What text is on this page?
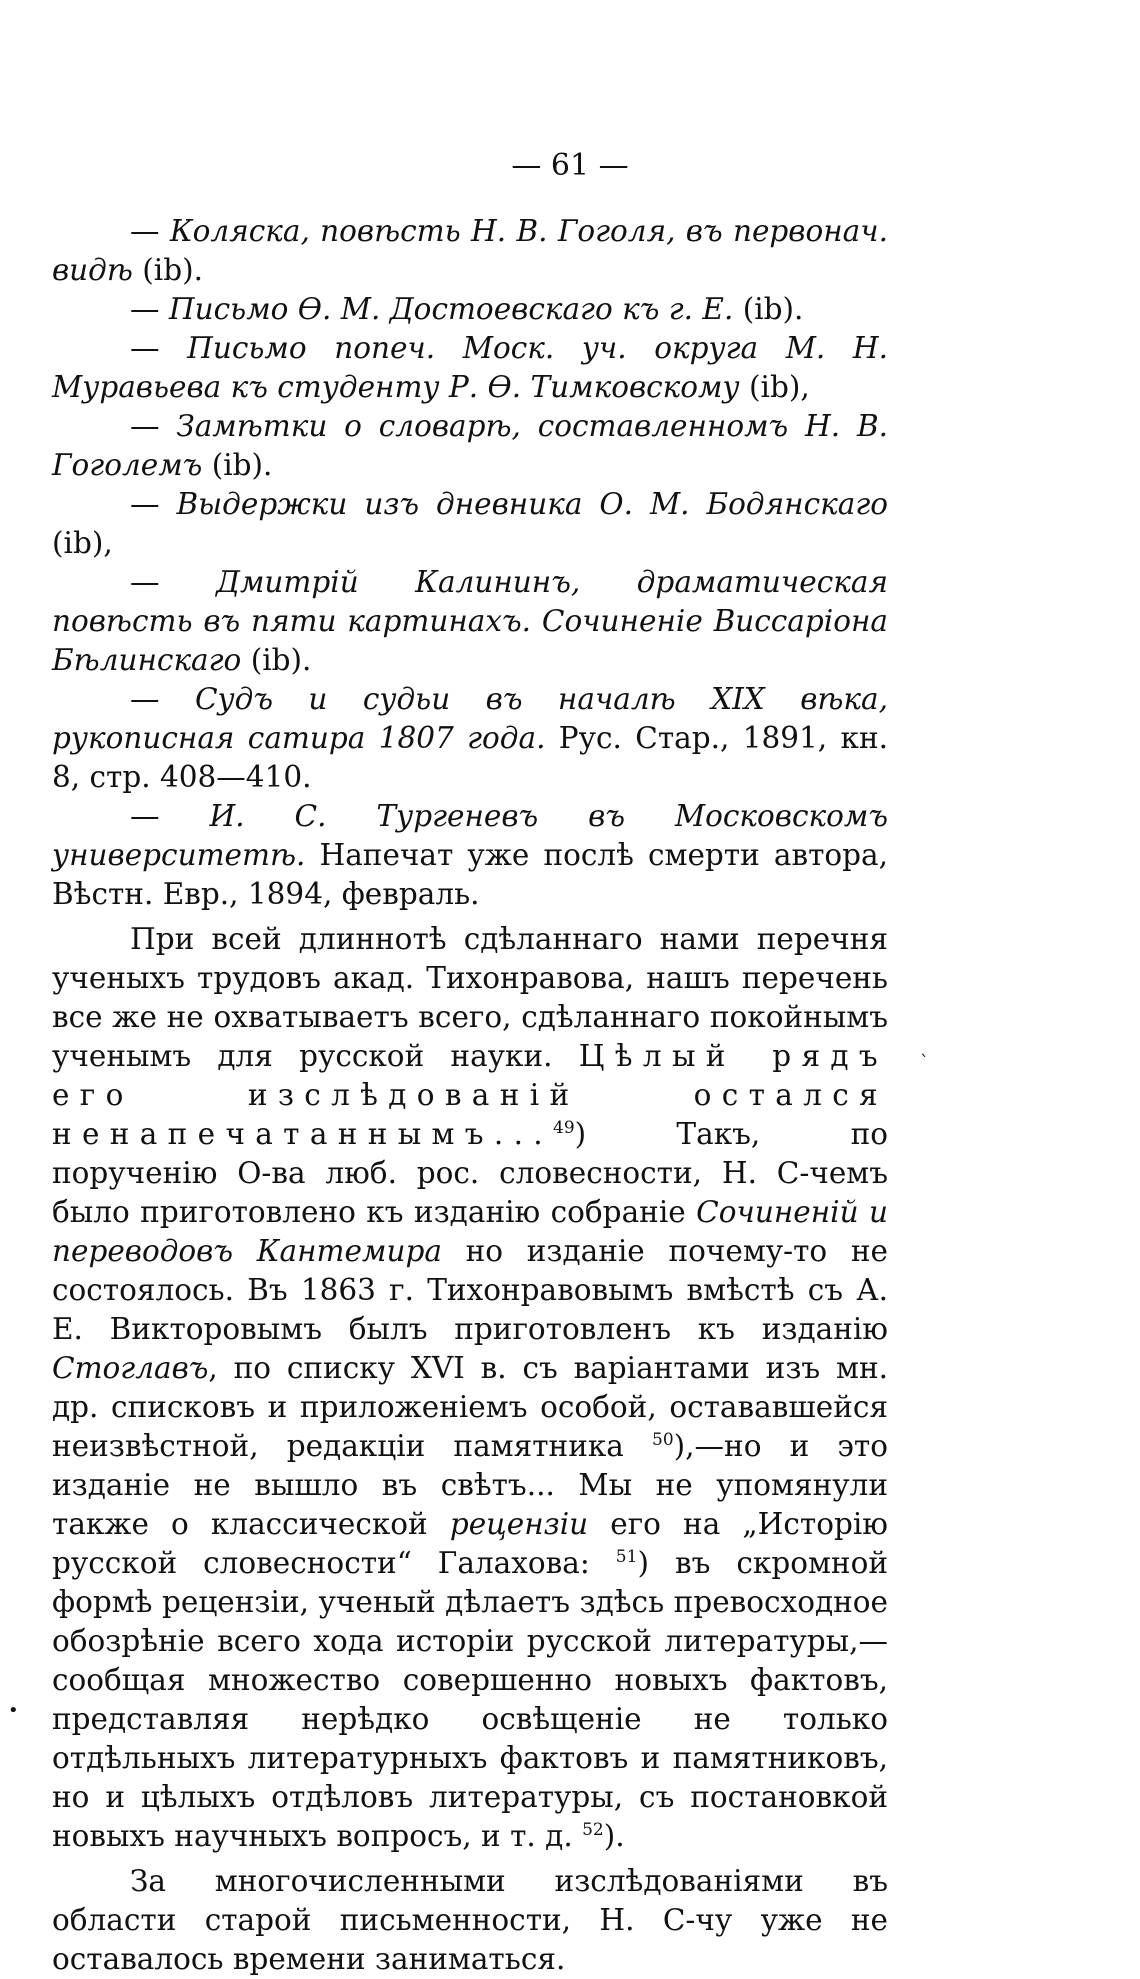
— 61 —

— Коляска, повѣсть Н. В. Гоголя, въ первонач. видѣ (ib).

— Письмо Ѳ. М. Достоевскаго къ г. Е. (ib).

— Письмо попеч. Моск. уч. округа М. Н. Муравьева къ студенту Р. Ѳ. Тимковскому (ib),

— Замѣтки о словарѣ, составленномъ Н. В. Гоголемъ (ib).

— Выдержки изъ дневника О. М. Бодянскаго (ib),

— Дмитрій Калининъ, драматическая повѣсть въ пяти картинахъ. Сочиненіе Виссаріона Бѣлинскаго (ib).

— Судъ и судьи въ началѣ XIX вѣка, рукописная сатира 1807 года. Рус. Стар., 1891, кн. 8, стр. 408—410.

— И. С. Тургеневъ въ Московскомъ университетѣ. Напечат уже послѣ смерти автора, Вѣстн. Евр., 1894, февраль.

При всей длиннотѣ сдѣланнаго нами перечня ученыхъ трудовъ акад. Тихонравова, нашъ перечень все же не охватываетъ всего, сдѣланнаго покойнымъ ученымъ для русской науки. Цѣлый рядъ его изслѣдованій остался ненапечатаннымъ...$^{49}$) Такъ, по порученію О-ва люб. рос. словесности, Н. С-чемъ было приготовлено къ изданію собраніе Сочиненій и переводовъ Кантемира но изданіе почему-то не состоялось. Въ 1863 г. Тихонравовымъ вмѣстѣ съ А. Е. Викторовымъ былъ приготовленъ къ изданію Стоглавъ, по списку XVI в. съ варіантами изъ мн. др. списковъ и приложеніемъ особой, остававшейся неизвѣстной, редакціи памятника $^{50}$),—но и это изданіе не вышло въ свѣтъ... Мы не упомянули также о классической рецензіи его на „Исторію русской словесности“ Галахова: $^{51}$) въ скромной формѣ рецензіи, ученый дѣлаетъ здѣсь превосходное обозрѣніе всего хода исторіи русской литературы,—сообщая множество совершенно новыхъ фактовъ, представляя нерѣдко освѣщеніе не только отдѣльныхъ литературныхъ фактовъ и памятниковъ, но и цѣлыхъ отдѣловъ литературы, съ постановкой новыхъ научныхъ вопросъ, и т. д. $^{52}$).

За многочисленными изслѣдованіями въ области старой письменности, Н. С-чу уже не оставалось времени заниматься.

ˋ
•
